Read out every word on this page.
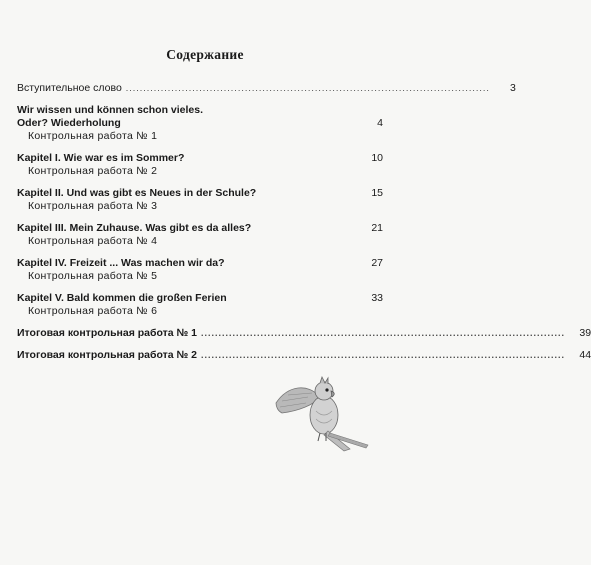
Содержание
Вступительное слово ........................................................................................................	3
Wir wissen und können schon vieles.
Oder? Wiederholung	4
Контрольная работа № 1
Kapitel I. Wie war es im Sommer?	10
Контрольная работа № 2
Kapitel II. Und was gibt es Neues in der Schule?	15
Контрольная работа № 3
Kapitel III. Mein Zuhause. Was gibt es da alles?	21
Контрольная работа № 4
Kapitel IV. Freizeit ... Was machen wir da?	27
Контрольная работа № 5
Kapitel V. Bald kommen die großen Ferien	33
Контрольная работа № 6
Итоговая контрольная работа № 1 ........................................................................................................	39
Итоговая контрольная работа № 2 ........................................................................................................	44
